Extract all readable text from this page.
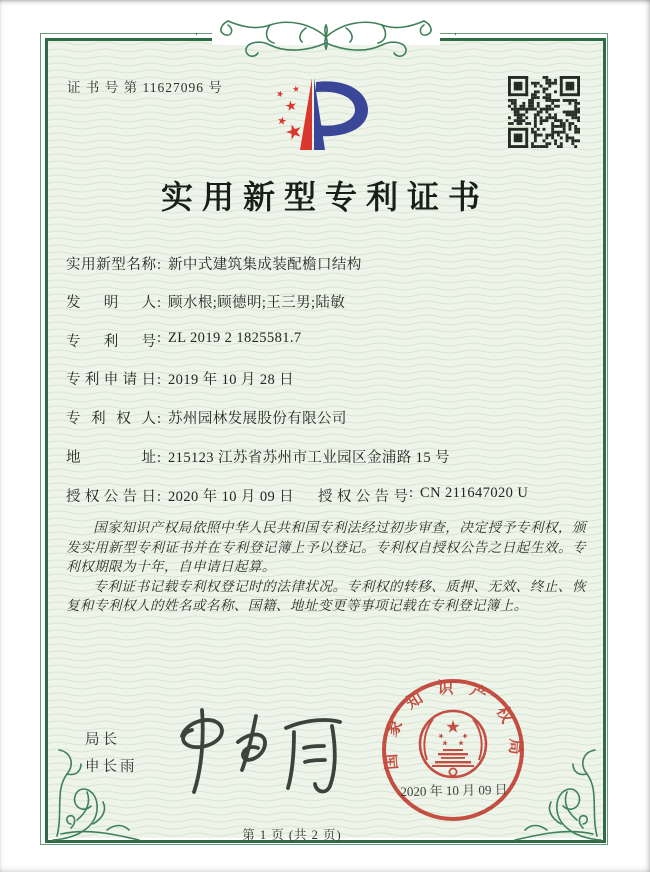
证 书 号 第 11627096 号
实用新型专利证书
实用新型名称: 新中式建筑集成装配檐口结构
发明人: 顾水根;顾德明;王三男;陆敏
专利号: ZL 2019 2 1825581.7
专利申请日: 2019 年 10 月 28 日
专利权人: 苏州园林发展股份有限公司
地址: 215123 江苏省苏州市工业园区金浦路 15 号
授权公告日: 2020 年 10 月 09 日 授权公告号: CN 211647020 U

国家知识产权局依照中华人民共和国专利法经过初步审查，决定授予专利权，颁发实用新型专利证书并在专利登记簿上予以登记。专利权自授权公告之日起生效。专利权期限为十年，自申请日起算。

专利证书记载专利权登记时的法律状况。专利权的转移、质押、无效、终止、恢复和专利权人的姓名或名称、国籍、地址变更等事项记载在专利登记簿上。

局长
申长雨	国家知识产权局
2020 年 10 月 09 日
第 1 页 (共 2 页)
